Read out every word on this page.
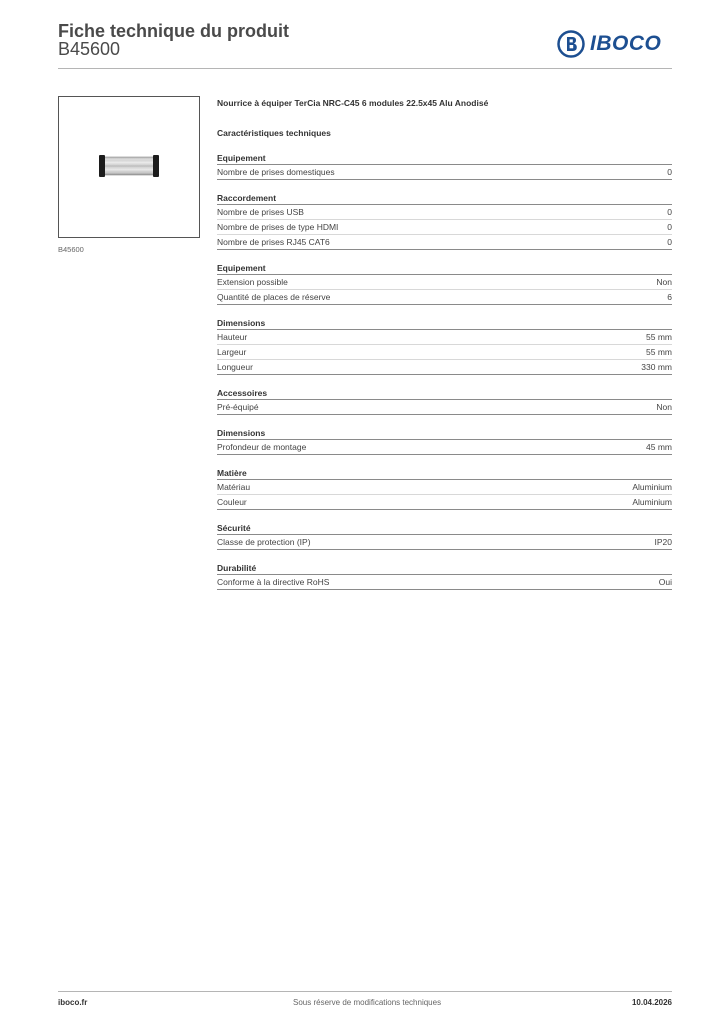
Fiche technique du produit
B45600	IBOCO
B45600
Nourrice à équiper TerCia NRC-C45 6 modules 22.5x45 Alu Anodisé
Caractéristiques techniques
Equipement
Nombre de prises domestiques	0
Raccordement
Nombre de prises USB	0
Nombre de prises de type HDMI	0
Nombre de prises RJ45 CAT6	0
Equipement
Extension possible	Non
Quantité de places de réserve	6
Dimensions
Hauteur	55 mm
Largeur	55 mm
Longueur	330 mm
Accessoires
Pré-équipé	Non
Dimensions
Profondeur de montage	45 mm
Matière
Matériau	Aluminium
Couleur	Aluminium
Sécurité
Classe de protection (IP)	IP20
Durabilité
Conforme à la directive RoHS	Oui
iboco.fr	Sous réserve de modifications techniques	10.04.2026
